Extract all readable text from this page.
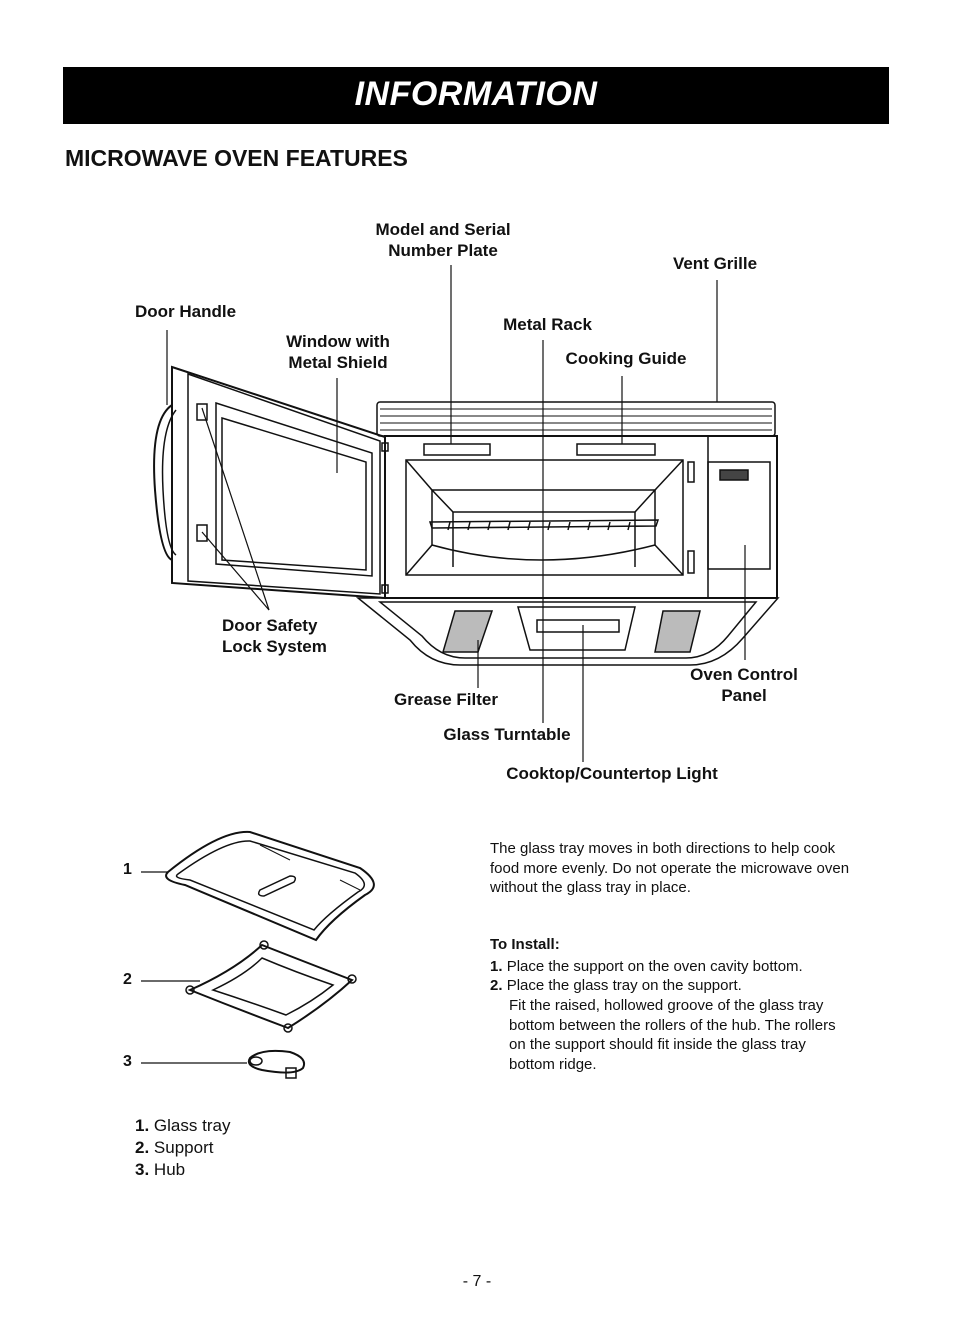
INFORMATION
MICROWAVE OVEN FEATURES
Model and Serial
Number Plate
Vent Grille
Door Handle
Metal Rack
Window with
Metal Shield	Cooking Guide
Door Safety
Lock System
Oven Control
Panel
Grease Filter
Glass Turntable
Cooktop/Countertop Light
1
2
3
The glass tray moves in both directions to help cook
food more evenly. Do not operate the microwave oven
without the glass tray in place.
To Install:
1. Place the support on the oven cavity bottom.
2. Place the glass tray on the support.
Fit the raised, hollowed groove of the glass tray
bottom between the rollers of the hub. The rollers
on the support should fit inside the glass tray
bottom ridge.
1. Glass tray
2. Support
3. Hub
- 7 -
